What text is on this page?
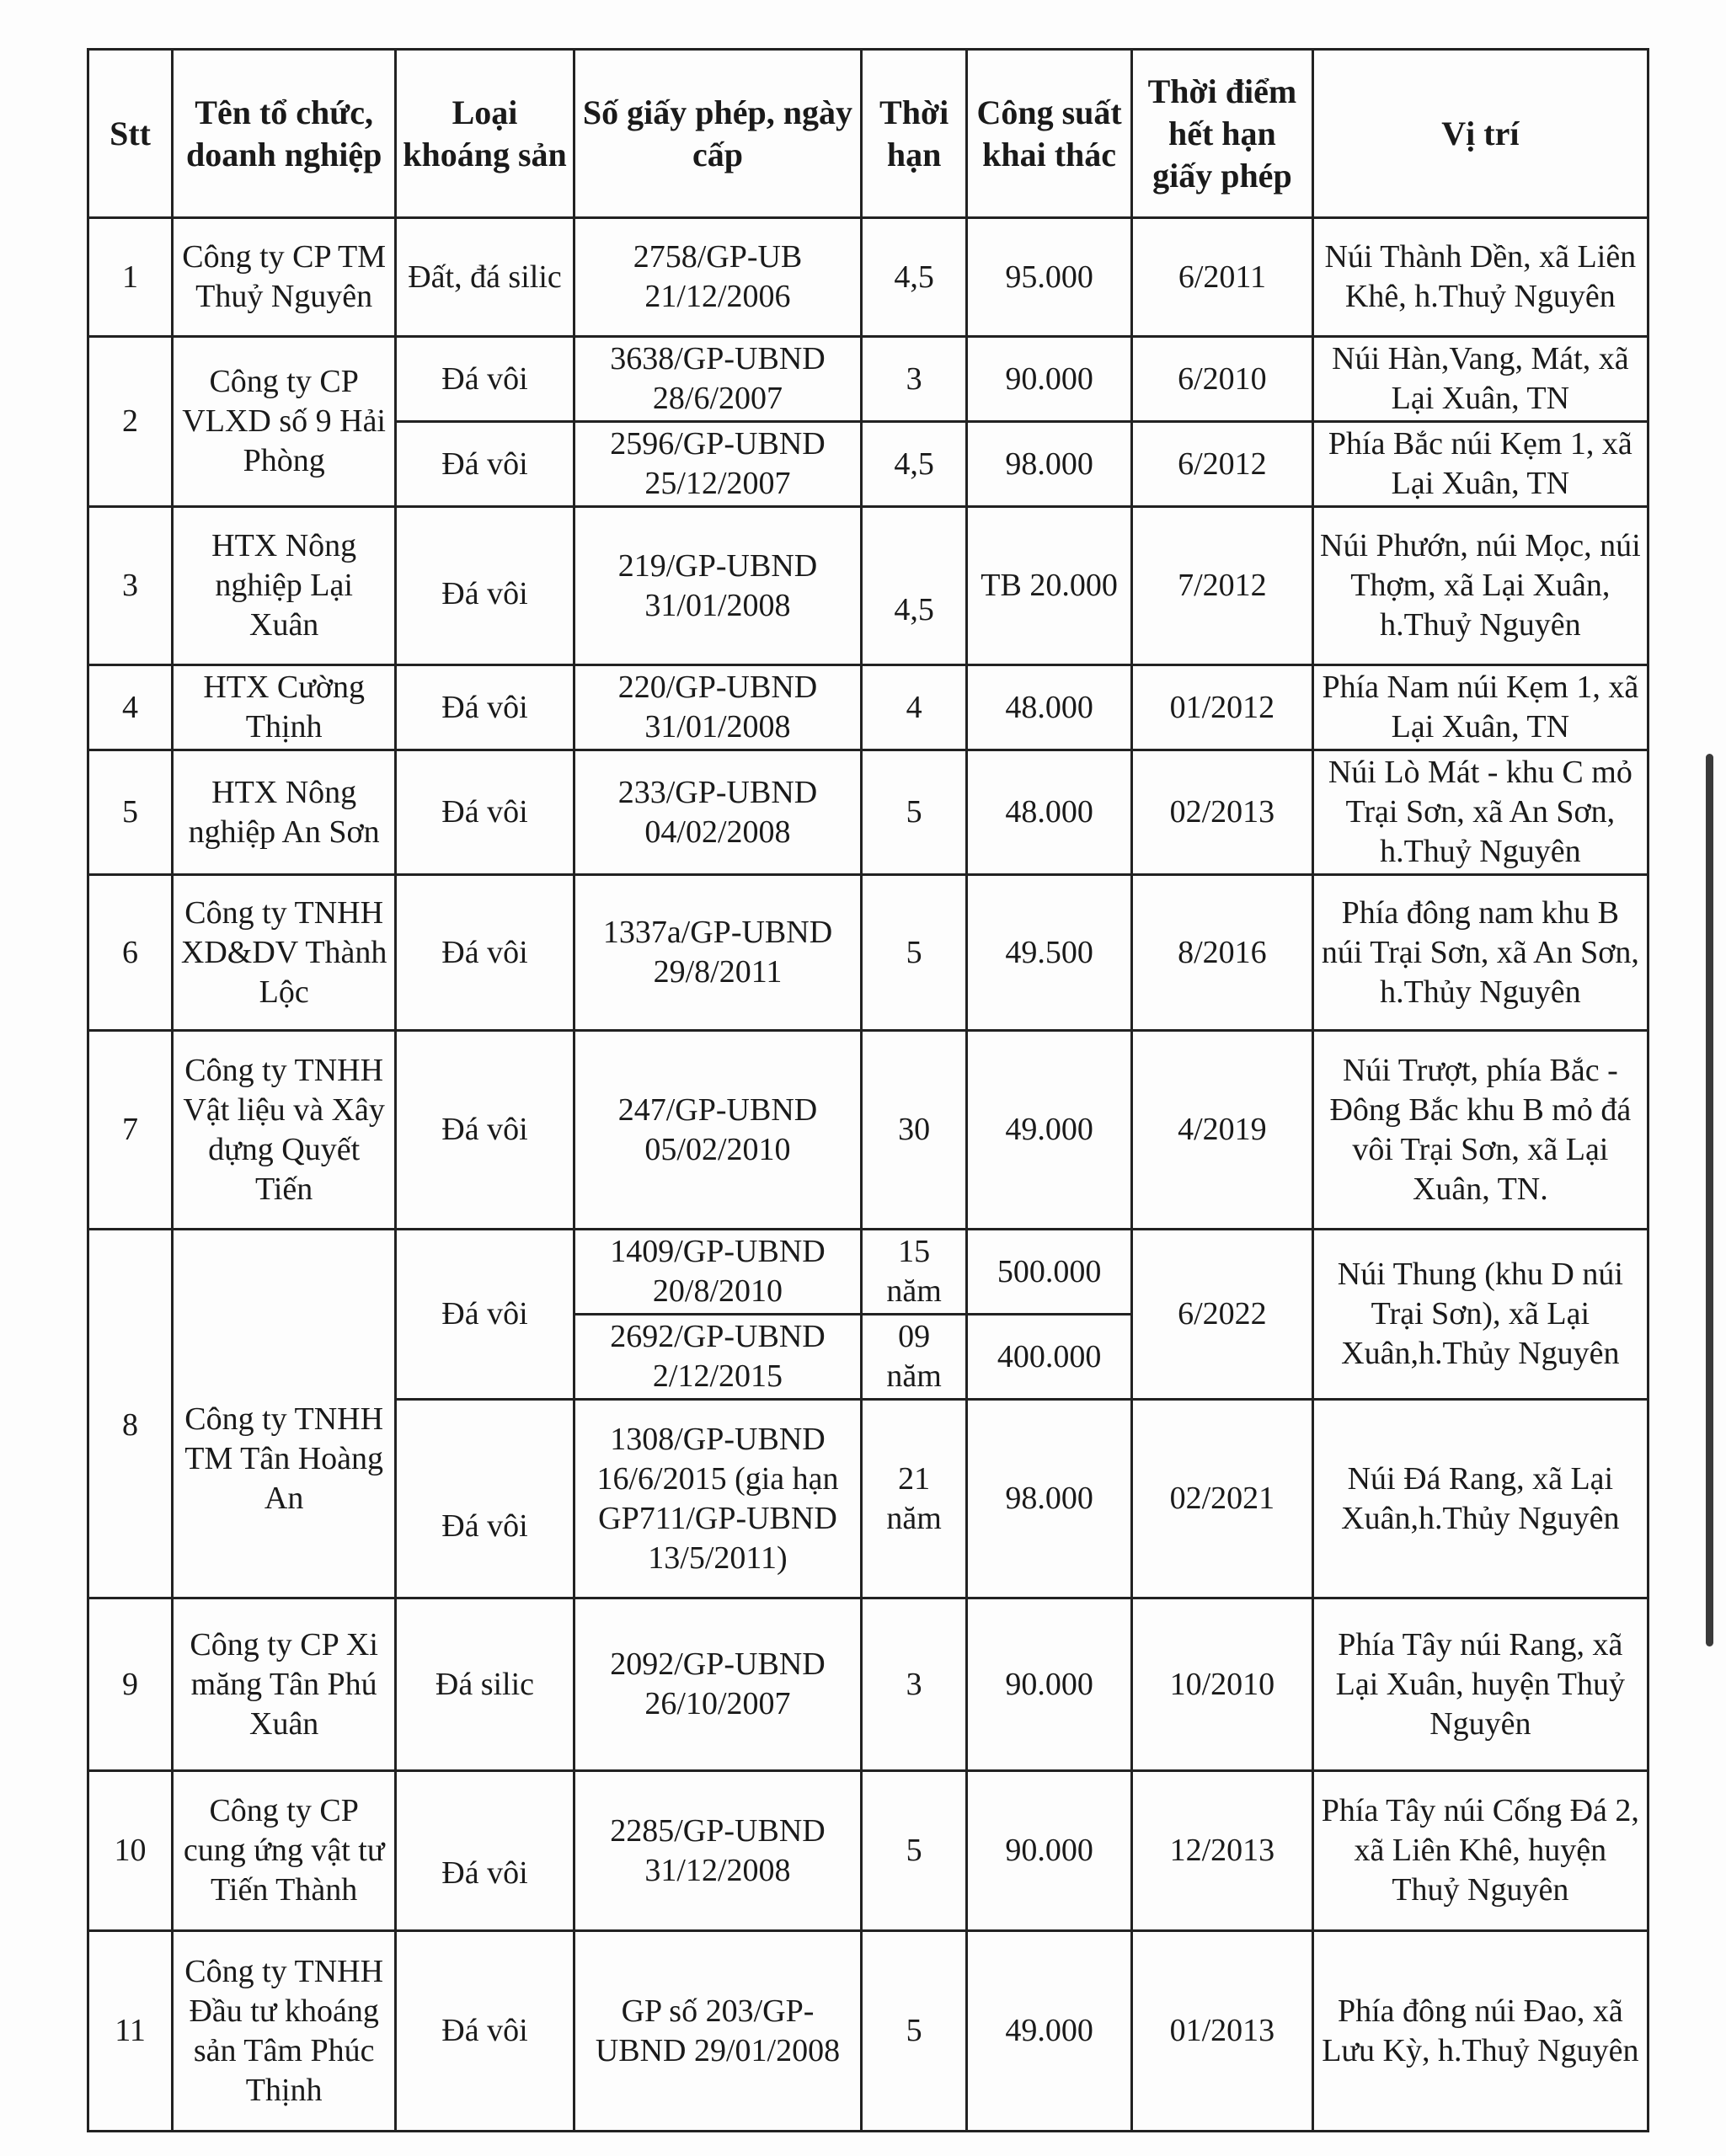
Stt	Tên tổ chức, doanh nghiệp	Loại khoáng sản	Số giấy phép, ngày cấp	Thời hạn	Công suất khai thác	Thời điểm hết hạn giấy phép	Vị trí
1	Công ty CP TM Thuỷ Nguyên	Đất, đá silic	2758/GP-UB 21/12/2006	4,5	95.000	6/2011	Núi Thành Dền, xã Liên Khê, h.Thuỷ Nguyên
2	Công ty CP VLXD số 9 Hải Phòng	Đá vôi	3638/GP-UBND 28/6/2007	3	90.000	6/2010	Núi Hàn,Vang, Mát, xã Lại Xuân, TN
		Đá vôi	2596/GP-UBND 25/12/2007	4,5	98.000	6/2012	Phía Bắc núi Kẹm 1, xã Lại Xuân, TN
3	HTX Nông nghiệp Lại Xuân	Đá vôi	219/GP-UBND 31/01/2008	4,5	TB 20.000	7/2012	Núi Phướn, núi Mọc, núi Thợm, xã Lại Xuân, h.Thuỷ Nguyên
4	HTX Cường Thịnh	Đá vôi	220/GP-UBND 31/01/2008	4	48.000	01/2012	Phía Nam núi Kẹm 1, xã Lại Xuân, TN
5	HTX Nông nghiệp An Sơn	Đá vôi	233/GP-UBND 04/02/2008	5	48.000	02/2013	Núi Lò Mát - khu C mỏ Trại Sơn, xã An Sơn, h.Thuỷ Nguyên
6	Công ty TNHH XD&DV Thành Lộc	Đá vôi	1337a/GP-UBND 29/8/2011	5	49.500	8/2016	Phía đông nam khu B núi Trại Sơn, xã An Sơn, h.Thủy Nguyên
7	Công ty TNHH Vật liệu và Xây dựng Quyết Tiến	Đá vôi	247/GP-UBND 05/02/2010	30	49.000	4/2019	Núi Trượt, phía Bắc - Đông Bắc khu B mỏ đá vôi Trại Sơn, xã Lại Xuân, TN.
8	Công ty TNHH TM Tân Hoàng An	Đá vôi	1409/GP-UBND 20/8/2010	15 năm	500.000	6/2022	Núi Thung (khu D núi Trại Sơn), xã Lại Xuân,h.Thủy Nguyên
			2692/GP-UBND 2/12/2015	09 năm	400.000		
		Đá vôi	1308/GP-UBND 16/6/2015 (gia hạn GP711/GP-UBND 13/5/2011)	21 năm	98.000	02/2021	Núi Đá Rang, xã Lại Xuân,h.Thủy Nguyên
9	Công ty CP Xi măng Tân Phú Xuân	Đá silic	2092/GP-UBND 26/10/2007	3	90.000	10/2010	Phía Tây núi Rang, xã Lại Xuân, huyện Thuỷ Nguyên
10	Công ty CP cung ứng vật tư Tiến Thành	Đá vôi	2285/GP-UBND 31/12/2008	5	90.000	12/2013	Phía Tây núi Cống Đá 2, xã Liên Khê, huyện Thuỷ Nguyên
11	Công ty TNHH Đầu tư khoáng sản Tâm Phúc Thịnh	Đá vôi	GP số 203/GP-UBND 29/01/2008	5	49.000	01/2013	Phía đông núi Đao, xã Lưu Kỳ, h.Thuỷ Nguyên
